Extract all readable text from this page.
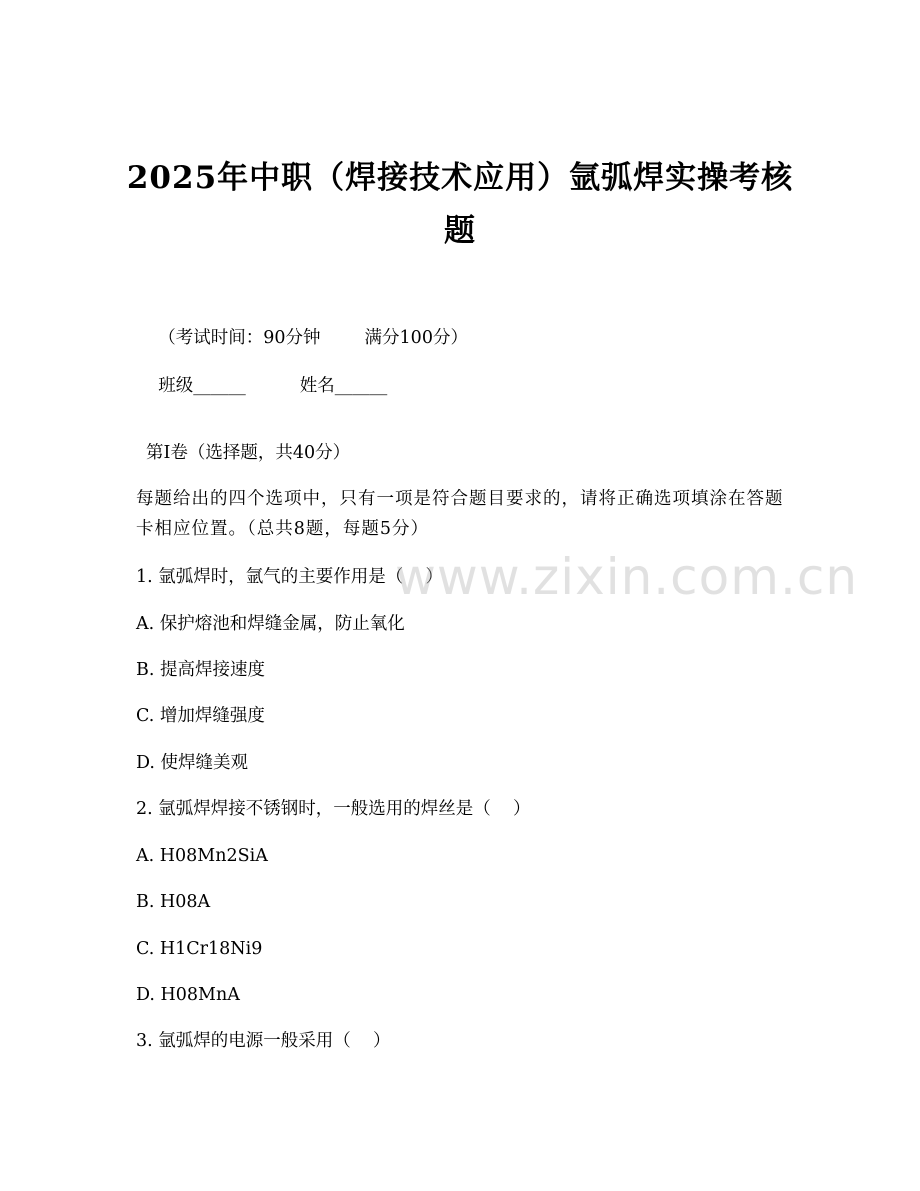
2025年中职（焊接技术应用）氩弧焊实操考核题

（考试时间：90分钟	满分100分）

班级______	姓名______

第Ⅰ卷（选择题，共40分）
每题给出的四个选项中，只有一项是符合题目要求的，请将正确选项填涂在答题卡相应位置。（总共8题，每题5分）
1. 氩弧焊时，氩气的主要作用是（    ）
A. 保护熔池和焊缝金属，防止氧化
B. 提高焊接速度
C. 增加焊缝强度
D. 使焊缝美观
2. 氩弧焊焊接不锈钢时，一般选用的焊丝是（    ）
A. H08Mn2SiA
B. H08A
C. H1Cr18Ni9
D. H08MnA
3. 氩弧焊的电源一般采用（    ）
www.zixin.com.cn
